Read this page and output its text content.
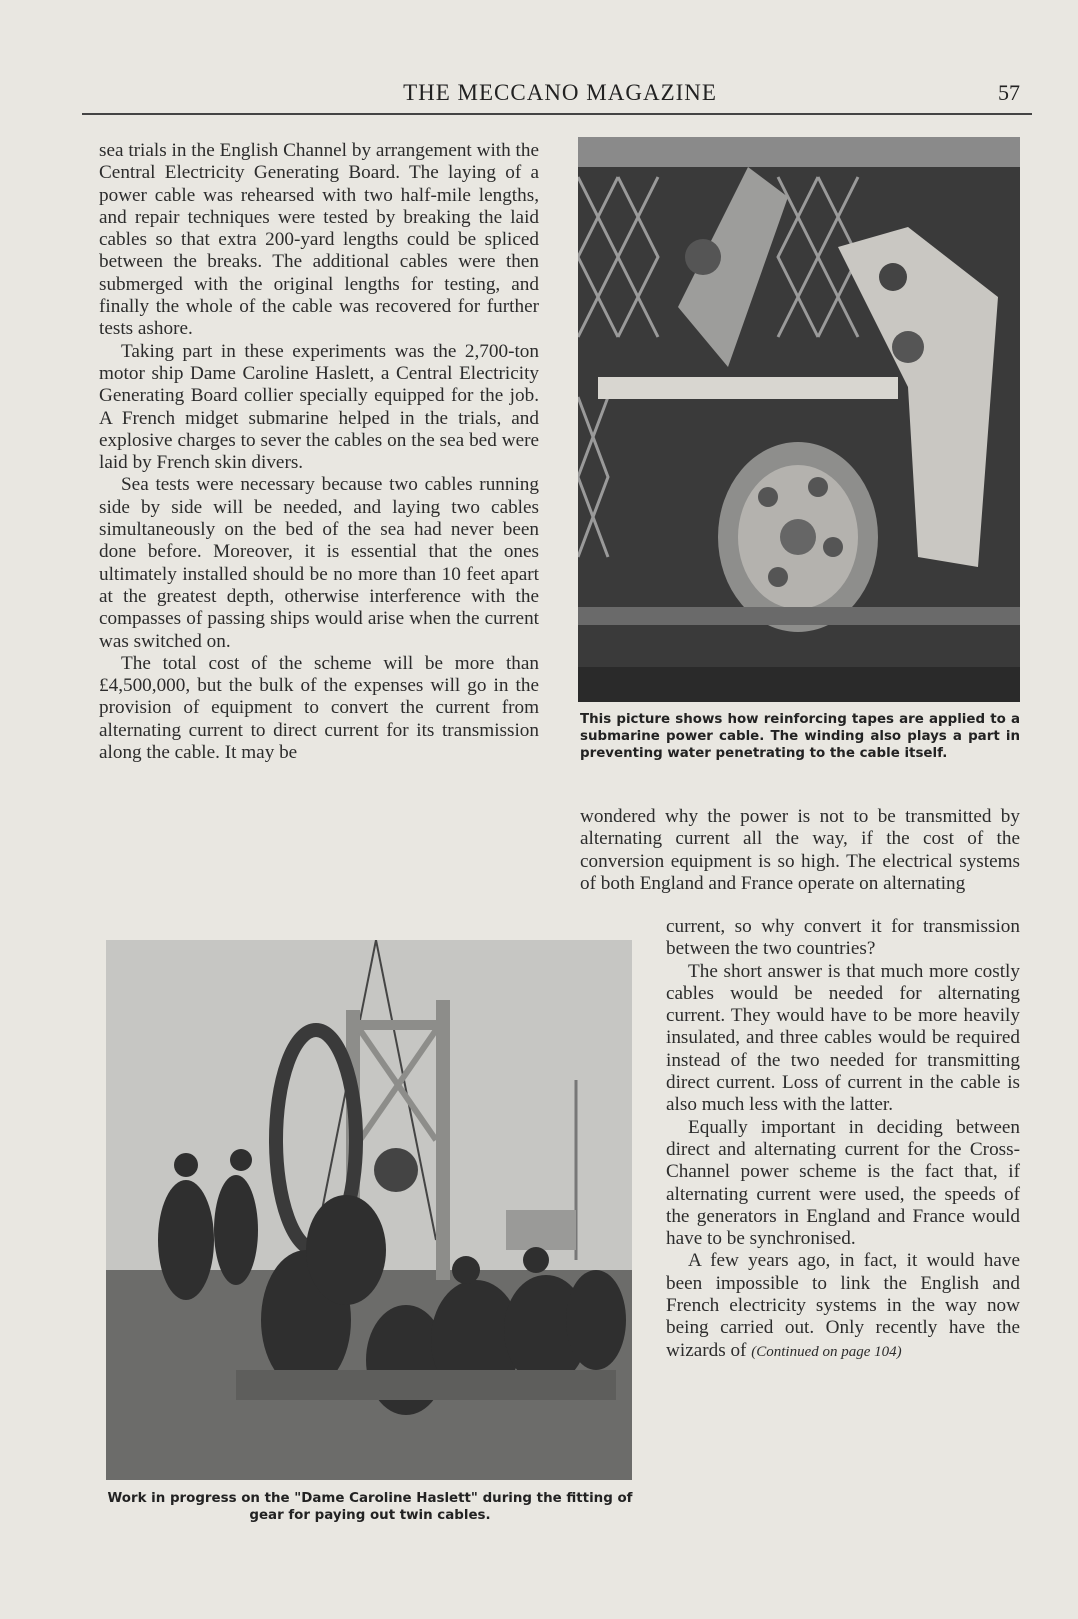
THE MECCANO MAGAZINE	57

sea trials in the English Channel by arrangement with the Central Electricity Generating Board. The laying of a power cable was rehearsed with two half-mile lengths, and repair techniques were tested by breaking the laid cables so that extra 200-yard lengths could be spliced between the breaks. The additional cables were then submerged with the original lengths for testing, and finally the whole of the cable was recovered for further tests ashore.

Taking part in these experiments was the 2,700-ton motor ship Dame Caroline Haslett, a Central Electricity Generating Board collier specially equipped for the job. A French midget submarine helped in the trials, and explosive charges to sever the cables on the sea bed were laid by French skin divers.

Sea tests were necessary because two cables running side by side will be needed, and laying two cables simultaneously on the bed of the sea had never been done before. Moreover, it is essential that the ones ultimately installed should be no more than 10 feet apart at the greatest depth, otherwise interference with the compasses of passing ships would arise when the current was switched on.

The total cost of the scheme will be more than £4,500,000, but the bulk of the expenses will go in the provision of equipment to convert the current from alternating current to direct current for its transmission along the cable. It may be

This picture shows how reinforcing tapes are applied to a submarine power cable. The winding also plays a part in preventing water penetrating to the cable itself.

wondered why the power is not to be transmitted by alternating current all the way, if the cost of the conversion equipment is so high. The electrical systems of both England and France operate on alternating

current, so why convert it for transmission between the two countries?

The short answer is that much more costly cables would be needed for alternating current. They would have to be more heavily insulated, and three cables would be required instead of the two needed for transmitting direct current. Loss of current in the cable is also much less with the latter.

Equally important in deciding between direct and alternating current for the Cross-Channel power scheme is the fact that, if alternating current were used, the speeds of the generators in England and France would have to be synchronised.

A few years ago, in fact, it would have been impossible to link the English and French electricity systems in the way now being carried out. Only recently have the wizards of (Continued on page 104)

Work in progress on the "Dame Caroline Haslett" during the fitting of gear for paying out twin cables.
